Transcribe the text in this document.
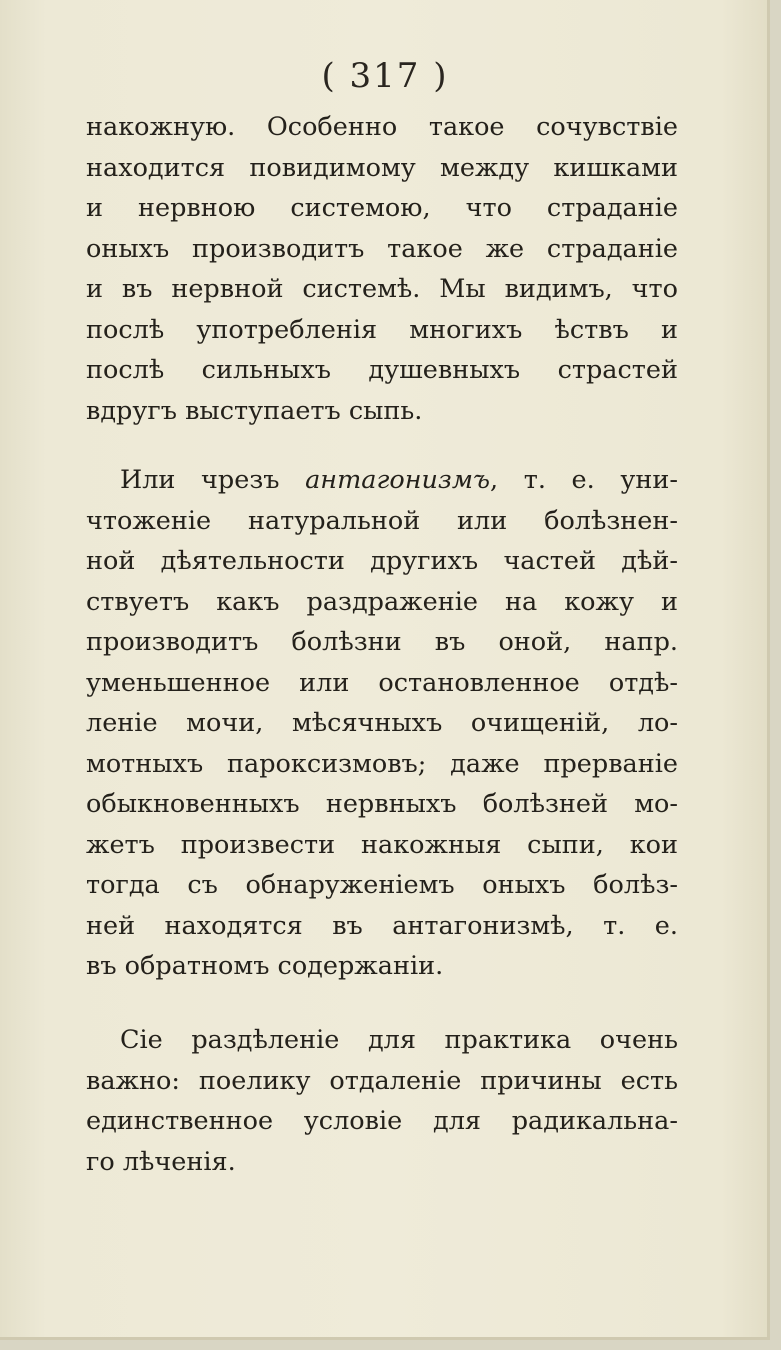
( 317 )
накожную. Особенно такое сочувствіе
находится повидимому между кишками
и нервною системою, что страданіе
оныхъ производитъ такое же страданіе
и въ нервной системѣ. Мы видимъ, что
послѣ употребленія многихъ ѣствъ и
послѣ сильныхъ душевныхъ страстей
вдругъ выступаетъ сыпь.
Или чрезъ антагонизмъ, т. е. уни-
чтоженіе натуральной или болѣзнен-
ной дѣятельности другихъ частей дѣй-
ствуетъ какъ раздраженіе на кожу и
производитъ болѣзни въ оной, напр.
уменьшенное или остановленное отдѣ-
леніе мочи, мѣсячныхъ очищеній, ло-
мотныхъ пароксизмовъ; даже прерваніе
обыкновенныхъ нервныхъ болѣзней мо-
жетъ произвести накожныя сыпи, кои
тогда съ обнаруженіемъ оныхъ болѣз-
ней находятся въ антагонизмѣ, т. е.
въ обратномъ содержаніи.
Сіе раздѣленіе для практика очень
важно: поелику отдаленіе причины есть
единственное условіе для радикальна-
го лѣченія.
